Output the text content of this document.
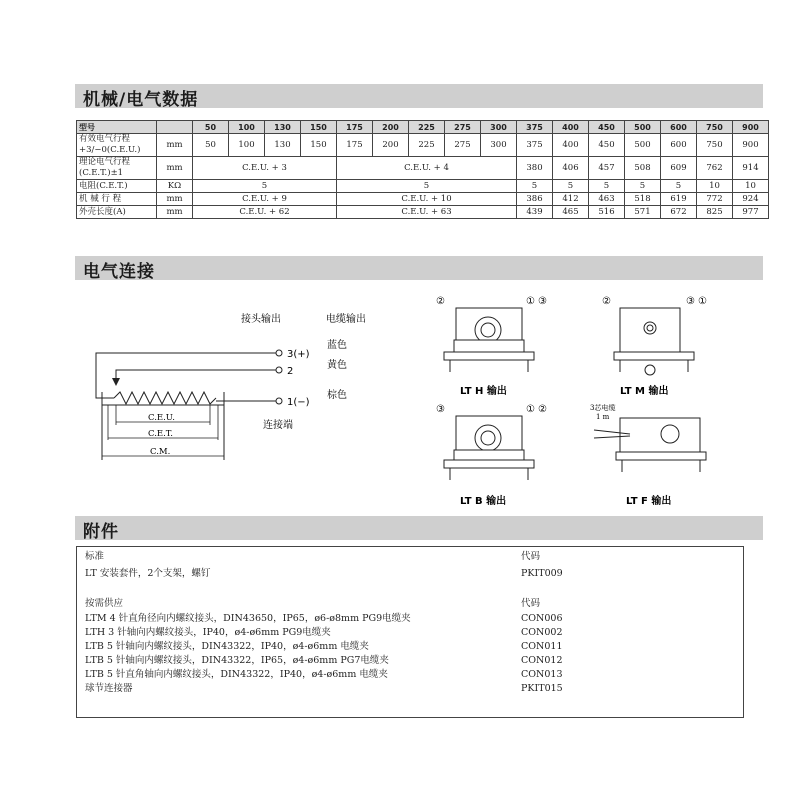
机械/电气数据
型号		50	100	130	150	175	200	225	275	300	375	400	450	500	600	750	900

有效电气行程
+3/−0(C.E.U.)	mm	50	100	130	150	175	200	225	275	300	375	400	450	500	600	750	900

理论电气行程
(C.E.T.)±1	mm	C.E.U. + 3				C.E.U. + 4					380	406	457	508	609	762	914
电阻(C.E.T.)	KΩ	5				5					5	5	5	5	5	10	10
机 械 行 程	mm	C.E.U. + 9				C.E.U. + 10					386	412	463	518	619	772	924
外壳长度(A)	mm	C.E.U. + 62				C.E.U. + 63					439	465	516	571	672	825	977
电气连接
接头输出	电缆输出
C.E.U.
C.E.T.
C.M.
3(+)
2
1(−)
蓝色
黄色
棕色
连接端
②	① ③
LT H 输出
②	③ ①
LT M 输出
③	① ②
LT B 输出
3芯电缆
1 m
LT F 输出
附件
标准	代码
LT 安装套件，2个支架，螺钉	PKIT009
按需供应	代码
LTM 4 针直角径向内螺纹接头，DIN43650，IP65，ø6-ø8mm PG9电缆夹	CON006
LTH 3 针轴向内螺纹接头，IP40，ø4-ø6mm PG9电缆夹	CON002
LTB 5 针轴向内螺纹接头，DIN43322，IP40，ø4-ø6mm 电缆夹	CON011
LTB 5 针轴向内螺纹接头，DIN43322，IP65，ø4-ø6mm PG7电缆夹	CON012
LTB 5 针直角轴向内螺纹接头，DIN43322，IP40，ø4-ø6mm 电缆夹	CON013
球节连接器	PKIT015
